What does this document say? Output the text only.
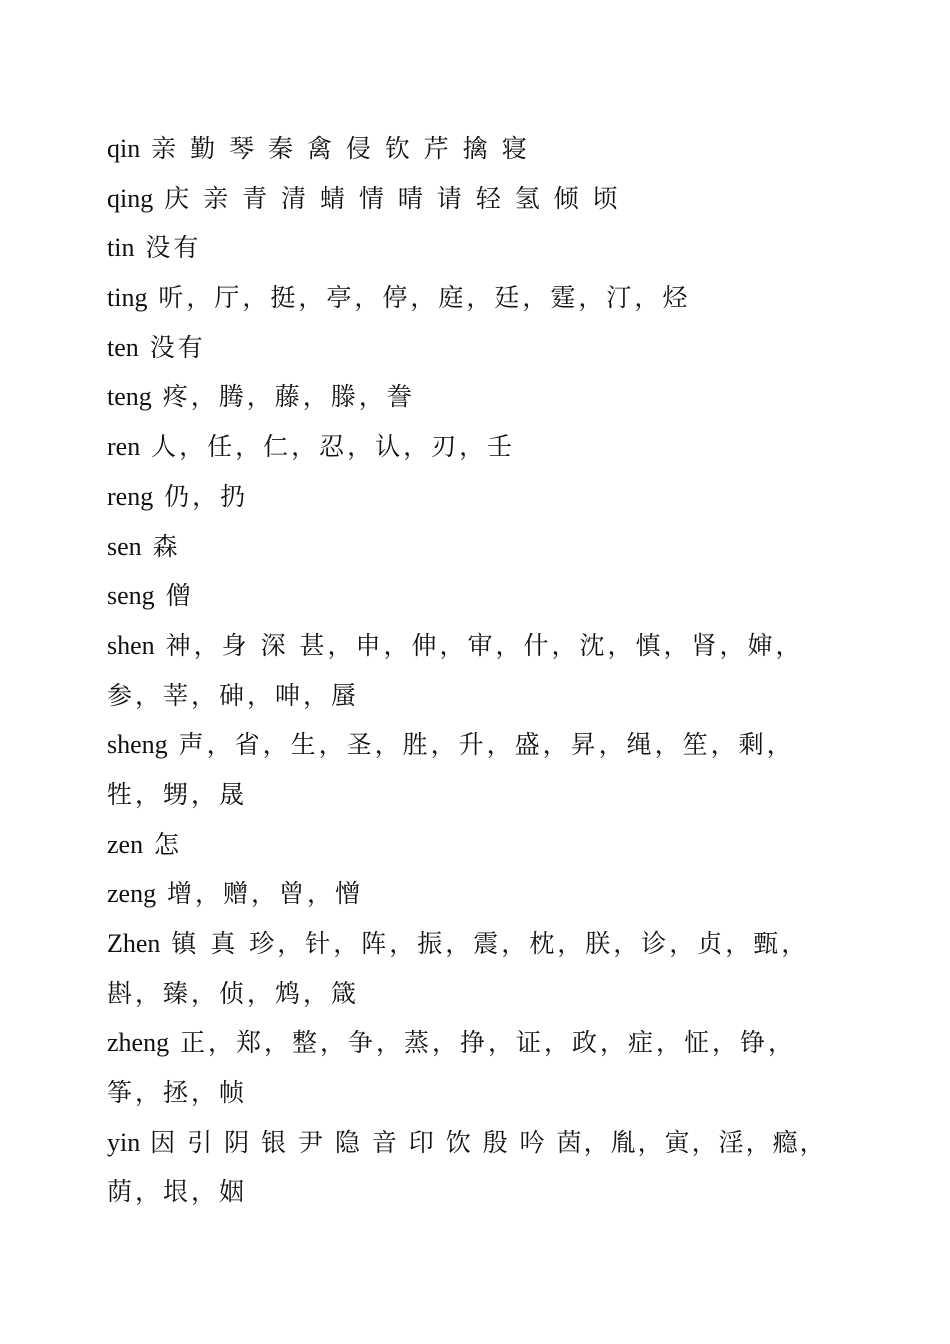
qin 亲 勤 琴 秦 禽 侵 钦 芹 擒 寝
qing 庆 亲 青 清 蜻 情 晴 请 轻 氢 倾 顷
tin 没有
ting 听，厅，挺，亭，停，庭，廷，霆，汀，烃
ten 没有
teng 疼，腾，藤，滕，誊
ren 人，任，仁，忍，认，刃，壬
reng 仍，扔
sen 森
seng 僧
shen 神，身 深 甚，申，伸，审，什，沈，慎，肾，婶，
参，莘，砷，呻，蜃
sheng 声，省，生，圣，胜，升，盛，昇，绳，笙，剩，
牲，甥，晟
zen 怎
zeng 增，赠，曾，憎
Zhen 镇 真 珍，针，阵，振，震，枕，朕，诊，贞，甄，
斟，臻，侦，鸩，箴
zheng 正，郑，整，争，蒸，挣，证，政，症，怔，铮，
筝，拯，帧
yin 因 引 阴 银 尹 隐 音 印 饮 殷 吟 茵，胤，寅，淫，瘾，
荫，垠，姻
